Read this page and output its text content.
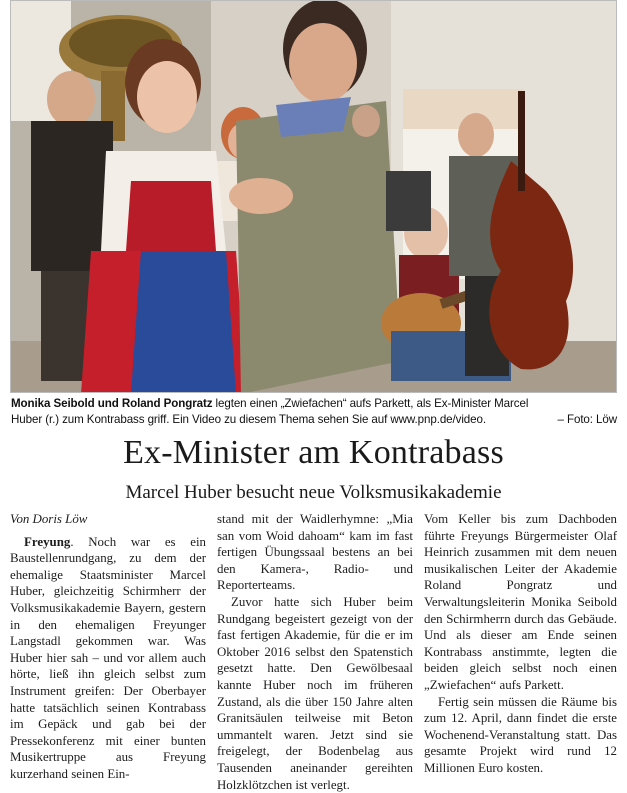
Monika Seibold und Roland Pongratz legten einen „Zwiefachen“ aufs Parkett, als Ex-Minister Marcel Huber (r.) zum Kontrabass griff. Ein Video zu diesem Thema sehen Sie auf www.pnp.de/video.	– Foto: Löw
Ex-Minister am Kontrabass
Marcel Huber besucht neue Volksmusikakademie
Von Doris Löw

Freyung. Noch war es ein Baustellenrundgang, zu dem der ehemalige Staatsminister Marcel Huber, gleichzeitig Schirmherr der Volksmusikakademie Bayern, gestern in den ehemaligen Freyunger Langstadl gekommen war. Was Huber hier sah – und vor allem auch hörte, ließ ihn gleich selbst zum Instrument greifen: Der Oberbayer hatte tatsächlich seinen Kontrabass im Gepäck und gab bei der Pressekonferenz mit einer bunten Musikertruppe aus Freyung kurzerhand seinen Ein-

stand mit der Waidlerhymne: „Mia san vom Woid dahoam“ kam im fast fertigen Übungssaal bestens an bei den Kamera-, Radio- und Reporterteams.

Zuvor hatte sich Huber beim Rundgang begeistert gezeigt von der fast fertigen Akademie, für die er im Oktober 2016 selbst den Spatenstich gesetzt hatte. Den Gewölbesaal kannte Huber noch im früheren Zustand, als die über 150 Jahre alten Granitsäulen teilweise mit Beton ummantelt waren. Jetzt sind sie freigelegt, der Bodenbelag aus Tausenden aneinander gereihten Holzklötzchen ist verlegt.

Vom Keller bis zum Dachboden führte Freyungs Bürgermeister Olaf Heinrich zusammen mit dem neuen musikalischen Leiter der Akademie Roland Pongratz und Verwaltungsleiterin Monika Seibold den Schirmherrn durch das Gebäude. Und als dieser am Ende seinen Kontrabass anstimmte, legten die beiden gleich selbst noch einen „Zwiefachen“ aufs Parkett.

Fertig sein müssen die Räume bis zum 12. April, dann findet die erste Wochenend-Veranstaltung statt. Das gesamte Projekt wird rund 12 Millionen Euro kosten.
